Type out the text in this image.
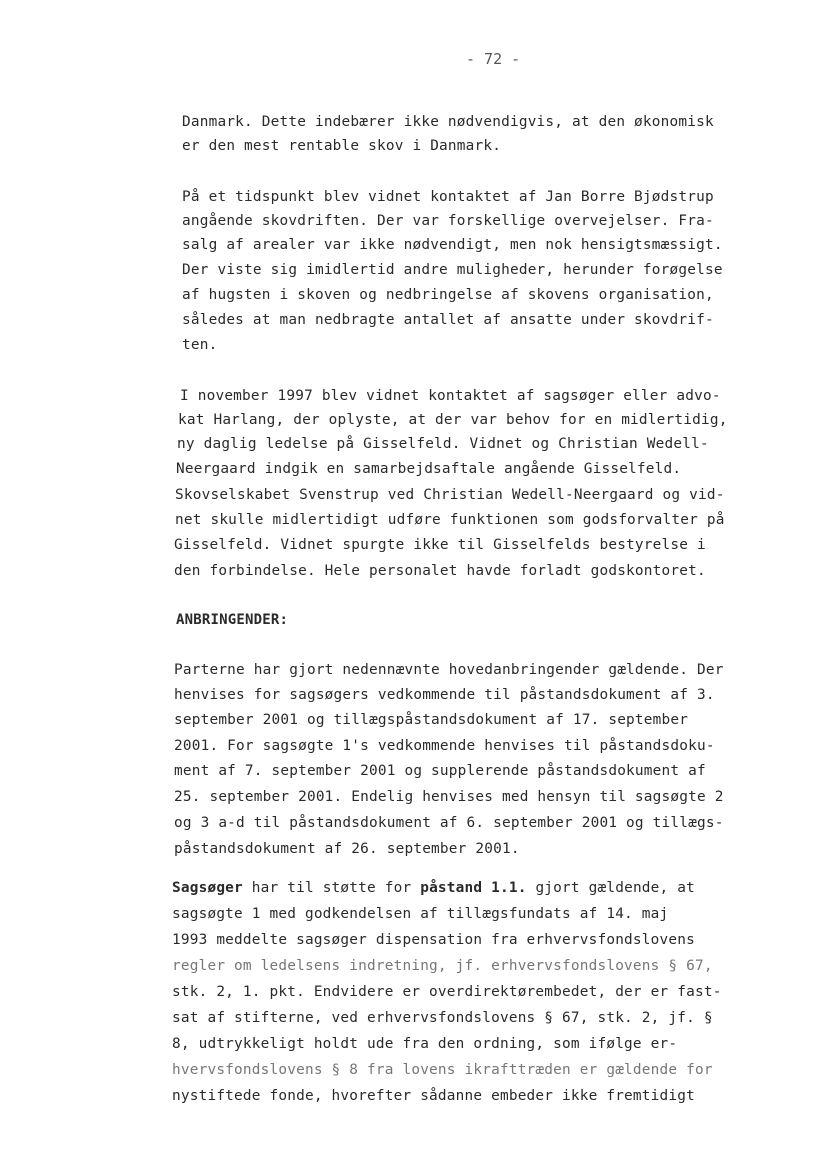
- 72 -
Danmark. Dette indebærer ikke nødvendigvis, at den økonomisk
er den mest rentable skov i Danmark.
På et tidspunkt blev vidnet kontaktet af Jan Borre Bjødstrup
angående skovdriften. Der var forskellige overvejelser. Fra-
salg af arealer var ikke nødvendigt, men nok hensigtsmæssigt.
Der viste sig imidlertid andre muligheder, herunder forøgelse
af hugsten i skoven og nedbringelse af skovens organisation,
således at man nedbragte antallet af ansatte under skovdrif-
ten.
I november 1997 blev vidnet kontaktet af sagsøger eller advo-
kat Harlang, der oplyste, at der var behov for en midlertidig,
ny daglig ledelse på Gisselfeld. Vidnet og Christian Wedell-
Neergaard indgik en samarbejdsaftale angående Gisselfeld.
Skovselskabet Svenstrup ved Christian Wedell-Neergaard og vid-
net skulle midlertidigt udføre funktionen som godsforvalter på
Gisselfeld. Vidnet spurgte ikke til Gisselfelds bestyrelse i
den forbindelse. Hele personalet havde forladt godskontoret.
ANBRINGENDER:
Parterne har gjort nedennævnte hovedanbringender gældende. Der
henvises for sagsøgers vedkommende til påstandsdokument af 3.
september 2001 og tillægspåstandsdokument af 17. september
2001. For sagsøgte 1's vedkommende henvises til påstandsdoku-
ment af 7. september 2001 og supplerende påstandsdokument af
25. september 2001. Endelig henvises med hensyn til sagsøgte 2
og 3 a-d til påstandsdokument af 6. september 2001 og tillægs-
påstandsdokument af 26. september 2001.
Sagsøger har til støtte for påstand 1.1. gjort gældende, at
sagsøgte 1 med godkendelsen af tillægsfundats af 14. maj
1993 meddelte sagsøger dispensation fra erhvervsfondslovens
regler om ledelsens indretning, jf. erhvervsfondslovens § 67,
stk. 2, 1. pkt. Endvidere er overdirektørembedet, der er fast-
sat af stifterne, ved erhvervsfondslovens § 67, stk. 2, jf. §
8, udtrykkeligt holdt ude fra den ordning, som ifølge er-
hvervsfondslovens § 8 fra lovens ikrafttræden er gældende for
nystiftede fonde, hvorefter sådanne embeder ikke fremtidigt
